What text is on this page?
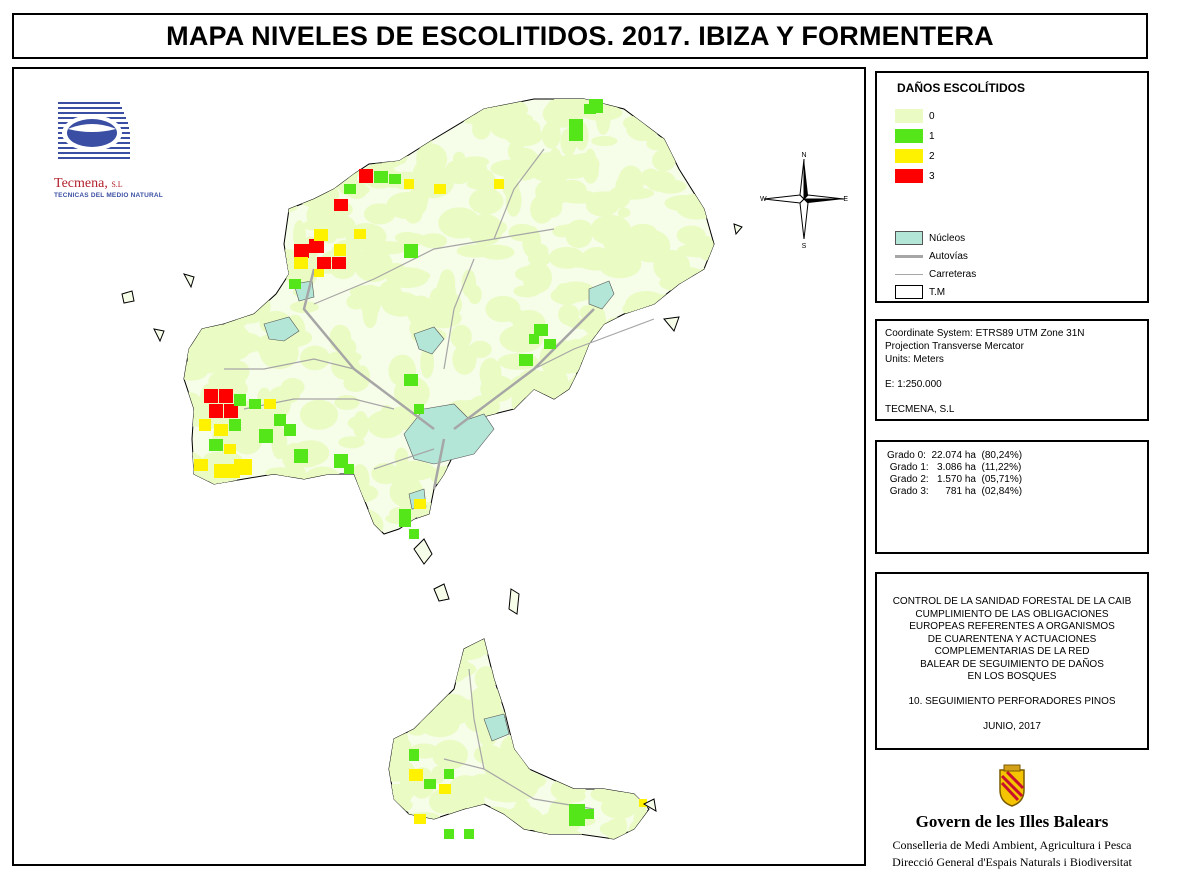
MAPA NIVELES DE ESCOLITIDOS. 2017. IBIZA Y FORMENTERA
Tecmena, S.L
TECNICAS DEL MEDIO NATURAL
N
S
E
W
DAÑOS ESCOLÍTIDOS
0
1
2
3
Núcleos
Autovías
Carreteras
T.M
Coordinate System: ETRS89 UTM Zone 31N
Projection Transverse Mercator
Units: Meters
E: 1:250.000
TECMENA, S.L
Grado 0:  22.074 ha  (80,24%)
Grado 1:   3.086 ha  (11,22%)
Grado 2:   1.570 ha  (05,71%)
Grado 3:      781 ha  (02,84%)
CONTROL DE LA SANIDAD FORESTAL DE LA CAIB
CUMPLIMIENTO DE LAS OBLIGACIONES
EUROPEAS REFERENTES A ORGANISMOS
DE CUARENTENA Y ACTUACIONES
COMPLEMENTARIAS DE LA RED
BALEAR DE SEGUIMIENTO DE DAÑOS
EN LOS BOSQUES
10. SEGUIMIENTO PERFORADORES PINOS
JUNIO, 2017
Govern de les Illes Balears
Conselleria de Medi Ambient, Agricultura i Pesca
Direcció General d'Espais Naturals i Biodiversitat
